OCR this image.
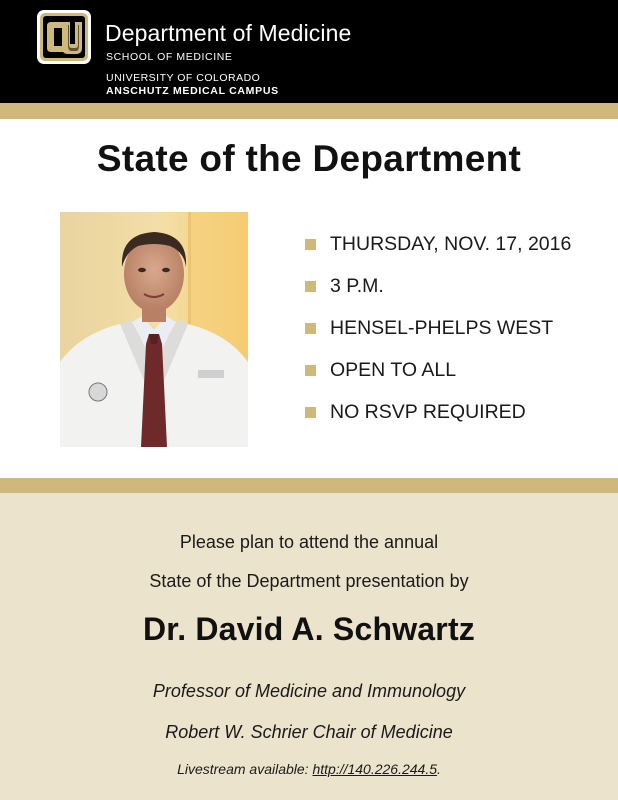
Department of Medicine
SCHOOL OF MEDICINE
UNIVERSITY OF COLORADO
ANSCHUTZ MEDICAL CAMPUS
State of the Department
THURSDAY, NOV. 17, 2016
3 P.M.
HENSEL-PHELPS WEST
OPEN TO ALL
NO RSVP REQUIRED
Please plan to attend the annual
State of the Department presentation by
Dr. David A. Schwartz
Professor of Medicine and Immunology
Robert W. Schrier Chair of Medicine
Livestream available: http://140.226.244.5.
